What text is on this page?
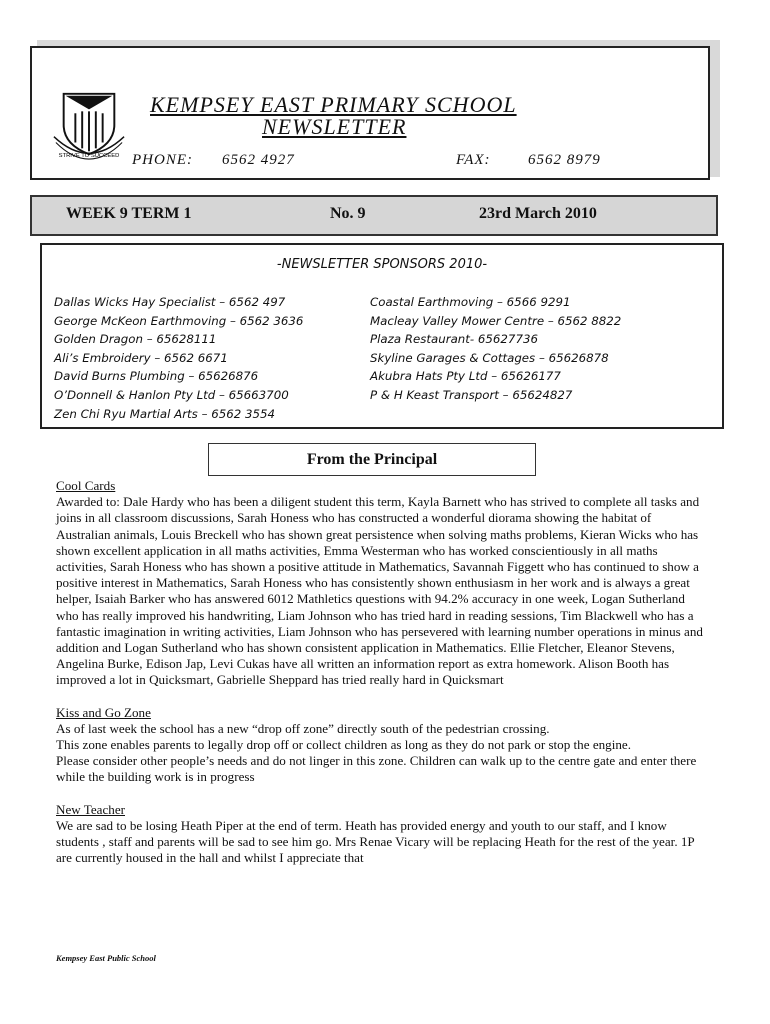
STRIVE TO SUCCEED
KEMPSEY EAST PRIMARY SCHOOL
NEWSLETTER
PHONE: 6562 4927	FAX: 6562 8979
WEEK 9 TERM 1	No. 9	23rd March 2010
-NEWSLETTER SPONSORS 2010-
Dallas Wicks Hay Specialist – 6562 497
George McKeon Earthmoving – 6562 3636
Golden Dragon – 65628111
Ali’s Embroidery – 6562 6671
David Burns Plumbing – 65626876
O’Donnell & Hanlon Pty Ltd – 65663700
Zen Chi Ryu Martial Arts – 6562 3554
Coastal Earthmoving – 6566 9291
Macleay Valley Mower Centre – 6562 8822
Plaza Restaurant- 65627736
Skyline Garages & Cottages – 65626878
Akubra Hats Pty Ltd – 65626177
P & H Keast Transport – 65624827
From the Principal

Cool Cards

Awarded to: Dale Hardy who has been a diligent student this term, Kayla Barnett who has strived to complete all tasks and joins in all classroom discussions, Sarah Honess who has constructed a wonderful diorama showing the habitat of Australian animals, Louis Breckell who has shown great persistence when solving maths problems, Kieran Wicks who has shown excellent application in all maths activities, Emma Westerman who has worked conscientiously in all maths activities, Sarah Honess who has shown a positive attitude in Mathematics, Savannah Figgett who has continued to show a positive interest in Mathematics, Sarah Honess who has consistently shown enthusiasm in her work and is always a great helper, Isaiah Barker who has answered 6012 Mathletics questions with 94.2% accuracy in one week, Logan Sutherland who has really improved his handwriting, Liam Johnson who has tried hard in reading sessions, Tim Blackwell who has a fantastic imagination in writing activities, Liam Johnson who has persevered with learning number operations in minus and addition and Logan Sutherland who has shown consistent application in Mathematics. Ellie Fletcher, Eleanor Stevens, Angelina Burke, Edison Jap, Levi Cukas have all written an information report as extra homework. Alison Booth has improved a lot in Quicksmart, Gabrielle Sheppard has tried really hard in Quicksmart

Kiss and Go Zone

As of last week the school has a new “drop off zone” directly south of the pedestrian crossing.

This zone enables parents to legally drop off or collect children as long as they do not park or stop the engine.

Please consider other people’s needs and do not linger in this zone. Children can walk up to the centre gate and enter there while the building work is in progress

New Teacher

We are sad to be losing Heath Piper at the end of term. Heath has provided energy and youth to our staff, and I know students , staff and parents will be sad to see him go. Mrs Renae Vicary will be replacing Heath for the rest of the year. 1P are currently housed in the hall and whilst I appreciate that

Kempsey East Public School
